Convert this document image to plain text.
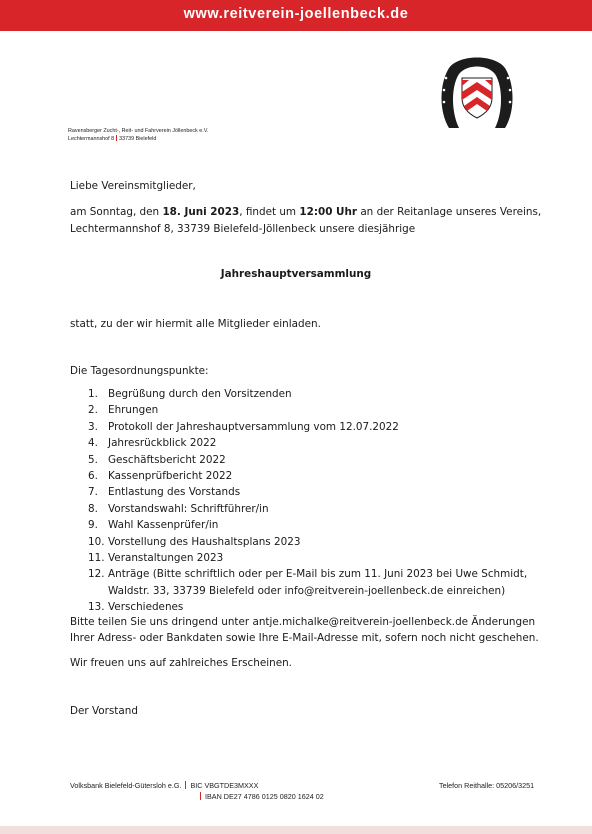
www.reitverein-joellenbeck.de
GEGR. 1924
Ravensberger Zucht-, Reit- und Fahrverein Jöllenbeck e.V.
Lechtermannshof 8 33739 Bielefeld
Liebe Vereinsmitglieder,
am Sonntag, den 18. Juni 2023, findet um 12:00 Uhr an der Reitanlage unseres Vereins,
Lechtermannshof 8, 33739 Bielefeld-Jöllenbeck unsere diesjährige
Jahreshauptversammlung
statt, zu der wir hiermit alle Mitglieder einladen.
Die Tagesordnungspunkte:
1. Begrüßung durch den Vorsitzenden
2. Ehrungen
3. Protokoll der Jahreshauptversammlung vom 12.07.2022
4. Jahresrückblick 2022
5. Geschäftsbericht 2022
6. Kassenprüfbericht 2022
7. Entlastung des Vorstands
8. Vorstandswahl: Schriftführer/in
9. Wahl Kassenprüfer/in
10. Vorstellung des Haushaltsplans 2023
11. Veranstaltungen 2023
12. Anträge (Bitte schriftlich oder per E-Mail bis zum 11. Juni 2023 bei Uwe Schmidt,
Waldstr. 33, 33739 Bielefeld oder info@reitverein-joellenbeck.de einreichen)
13. Verschiedenes
Bitte teilen Sie uns dringend unter antje.michalke@reitverein-joellenbeck.de Änderungen
Ihrer Adress- oder Bankdaten sowie Ihre E-Mail-Adresse mit, sofern noch nicht geschehen.
Wir freuen uns auf zahlreiches Erscheinen.
Der Vorstand
Volksbank Bielefeld-Gütersloh e.G. BIC VBGTDE3MXXX
IBAN DE27 4786 0125 0820 1624 02
Telefon Reithalle: 05206/3251
